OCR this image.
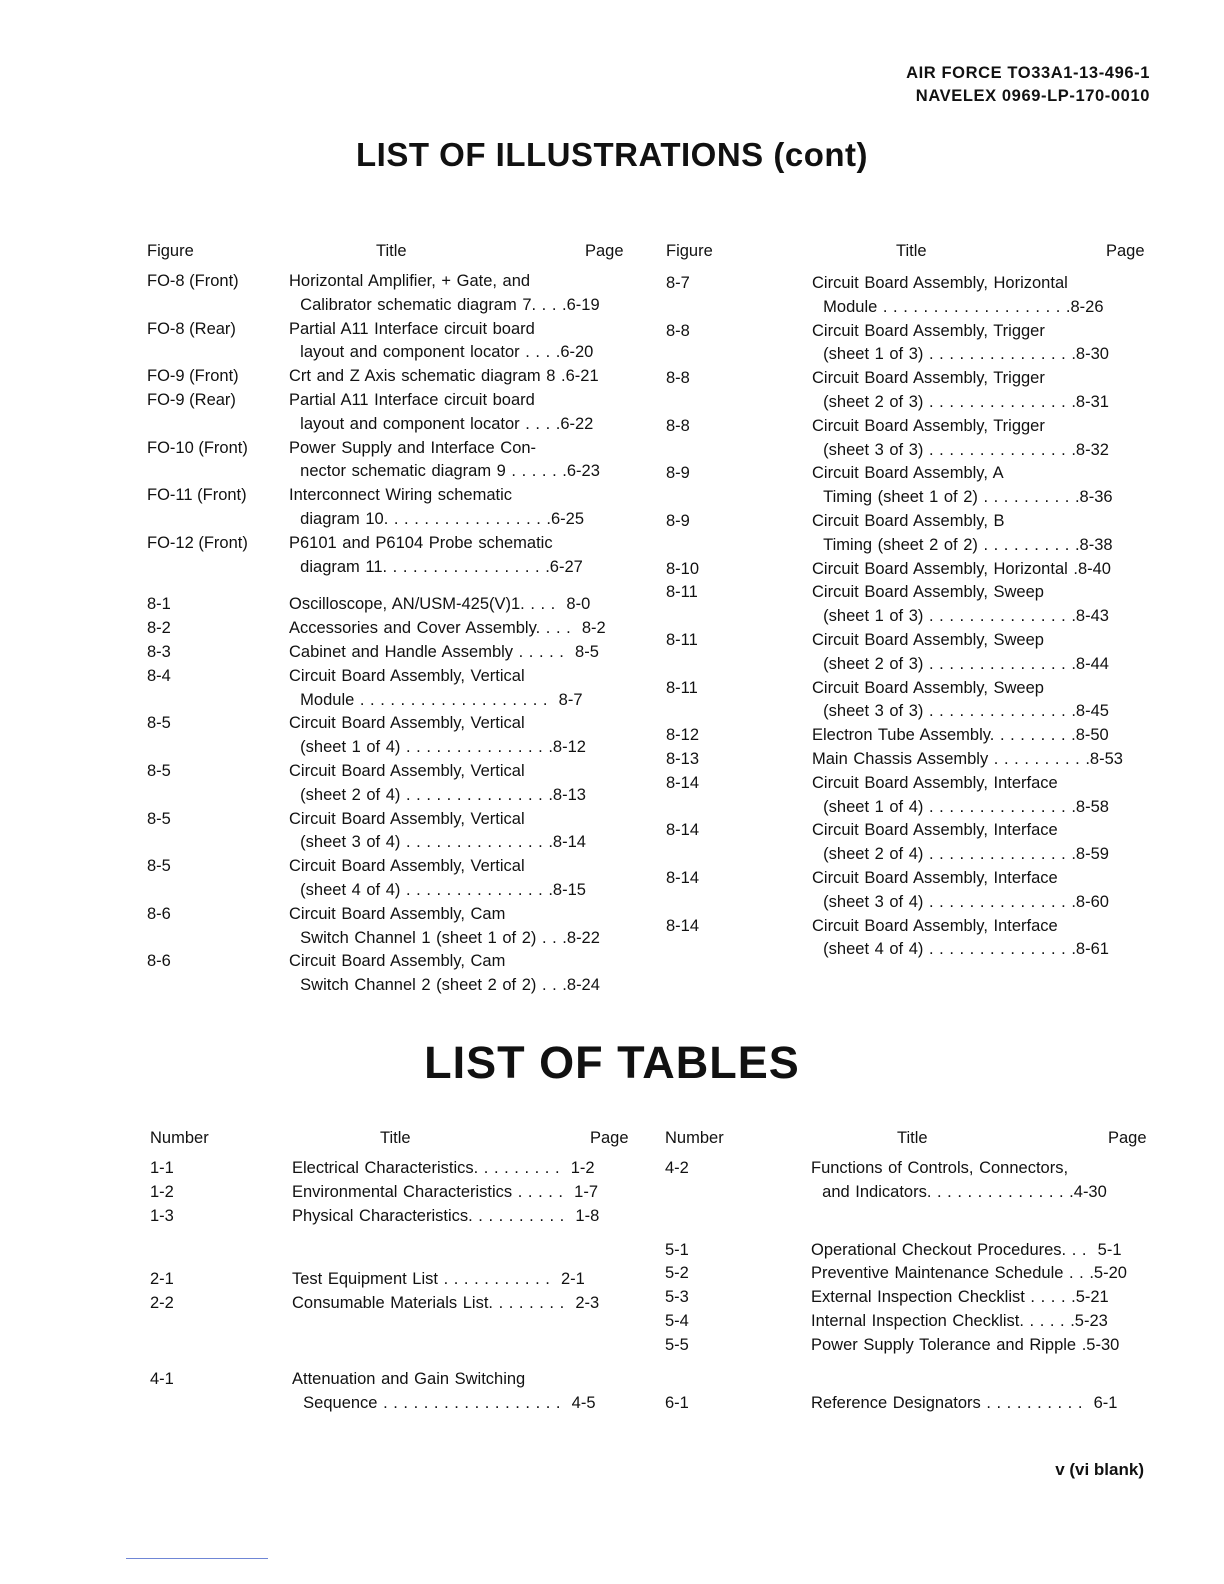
AIR FORCE TO33A1-13-496-1
NAVELEX 0969-LP-170-0010
LIST OF ILLUSTRATIONS (cont)
Figure	Title	Page
FO-8 (Front)	Horizontal Amplifier, + Gate, and
Calibrator schematic diagram 7. . . .6-19
FO-8 (Rear)	Partial A11 Interface circuit board
layout and component locator . . . .6-20
FO-9 (Front)	Crt and Z Axis schematic diagram 8 .6-21
FO-9 (Rear)	Partial A11 Interface circuit board
layout and component locator . . . .6-22
FO-10 (Front) Power Supply and Interface Con-
nector schematic diagram 9 . . . . . .6-23
FO-11 (Front)	Interconnect Wiring schematic
diagram 10. . . . . . . . . . . . . . . . .6-25
FO-12 (Front) P6101 and P6104 Probe schematic
diagram 11. . . . . . . . . . . . . . . . .6-27
8-1	Oscilloscope, AN/USM-425(V)1. . . .  8-0
8-2	Accessories and Cover Assembly. . . .  8-2
8-3	Cabinet and Handle Assembly . . . . .  8-5
8-4	Circuit Board Assembly, Vertical
Module . . . . . . . . . . . . . . . . . . .  8-7
8-5	Circuit Board Assembly, Vertical
(sheet 1 of 4) . . . . . . . . . . . . . . .8-12
8-5	Circuit Board Assembly, Vertical
(sheet 2 of 4) . . . . . . . . . . . . . . .8-13
8-5	Circuit Board Assembly, Vertical
(sheet 3 of 4) . . . . . . . . . . . . . . .8-14
8-5	Circuit Board Assembly, Vertical
(sheet 4 of 4) . . . . . . . . . . . . . . .8-15
8-6	Circuit Board Assembly, Cam
Switch Channel 1 (sheet 1 of 2) . . .8-22
8-6	Circuit Board Assembly, Cam
Switch Channel 2 (sheet 2 of 2) . . .8-24
Figure	Title	Page
8-7	Circuit Board Assembly, Horizontal
Module . . . . . . . . . . . . . . . . . . .8-26
8-8	Circuit Board Assembly, Trigger
(sheet 1 of 3) . . . . . . . . . . . . . . .8-30
8-8	Circuit Board Assembly, Trigger
(sheet 2 of 3) . . . . . . . . . . . . . . .8-31
8-8	Circuit Board Assembly, Trigger
(sheet 3 of 3) . . . . . . . . . . . . . . .8-32
8-9	Circuit Board Assembly, A
Timing (sheet 1 of 2) . . . . . . . . . .8-36
8-9	Circuit Board Assembly, B
Timing (sheet 2 of 2) . . . . . . . . . .8-38
8-10	Circuit Board Assembly, Horizontal .8-40
8-11	Circuit Board Assembly, Sweep
(sheet 1 of 3) . . . . . . . . . . . . . . .8-43
8-11	Circuit Board Assembly, Sweep
(sheet 2 of 3) . . . . . . . . . . . . . . .8-44
8-11	Circuit Board Assembly, Sweep
(sheet 3 of 3) . . . . . . . . . . . . . . .8-45
8-12	Electron Tube Assembly. . . . . . . . .8-50
8-13	Main Chassis Assembly . . . . . . . . . .8-53
8-14	Circuit Board Assembly, Interface
(sheet 1 of 4) . . . . . . . . . . . . . . .8-58
8-14	Circuit Board Assembly, Interface
(sheet 2 of 4) . . . . . . . . . . . . . . .8-59
8-14	Circuit Board Assembly, Interface
(sheet 3 of 4) . . . . . . . . . . . . . . .8-60
8-14	Circuit Board Assembly, Interface
(sheet 4 of 4) . . . . . . . . . . . . . . .8-61
LIST OF TABLES
Number	Title	Page
1-1	Electrical Characteristics. . . . . . . . .  1-2
1-2	Environmental Characteristics . . . . .  1-7
1-3	Physical Characteristics. . . . . . . . . .  1-8
2-1	Test Equipment List . . . . . . . . . . .  2-1
2-2	Consumable Materials List. . . . . . . .  2-3
4-1	Attenuation and Gain Switching
Sequence . . . . . . . . . . . . . . . . . .  4-5
Number	Title	Page
4-2	Functions of Controls, Connectors,
and Indicators. . . . . . . . . . . . . . .4-30
5-1	Operational Checkout Procedures. . .  5-1
5-2	Preventive Maintenance Schedule . . .5-20
5-3	External Inspection Checklist . . . . .5-21
5-4	Internal Inspection Checklist. . . . . .5-23
5-5	Power Supply Tolerance and Ripple .5-30
6-1	Reference Designators . . . . . . . . . .  6-1
v (vi blank)
